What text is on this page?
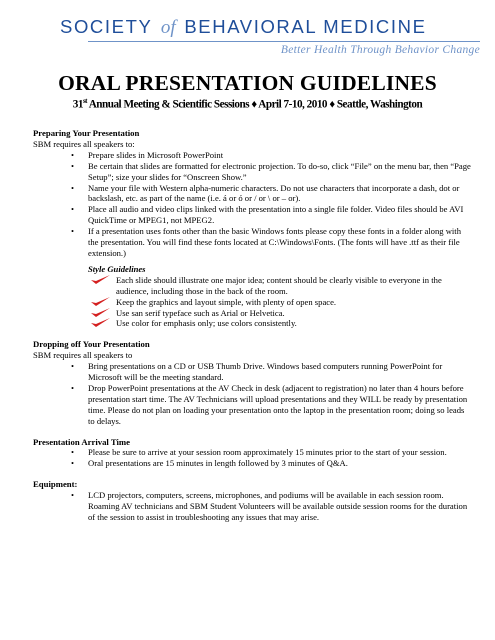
SOCIETY of BEHAVIORAL MEDICINE
Better Health Through Behavior Change
ORAL PRESENTATION GUIDELINES
31st Annual Meeting & Scientific Sessions ♦ April 7-10, 2010 ♦ Seattle, Washington
Preparing Your Presentation

SBM requires all speakers to:

• Prepare slides in Microsoft PowerPoint
• Be certain that slides are formatted for electronic projection. To do-so, click “File” on the menu bar, then “Page Setup”; size your slides for “Onscreen Show.”
• Name your file with Western alpha-numeric characters. Do not use characters that incorporate a dash, dot or backslash, etc. as part of the name (i.e. á or ó or / or \ or – or).
• Place all audio and video clips linked with the presentation into a single file folder. Video files should be AVI QuickTime or MPEG1, not MPEG2.
• If a presentation uses fonts other than the basic Windows fonts please copy these fonts in a folder along with the presentation. You will find these fonts located at C:\Windows\Fonts. (The fonts will have .ttf as their file extension.)
Style Guidelines
Each slide should illustrate one major idea; content should be clearly visible to everyone in the audience, including those in the back of the room.
Keep the graphics and layout simple, with plenty of open space.
Use san serif typeface such as Arial or Helvetica.
Use color for emphasis only; use colors consistently.
Dropping off Your Presentation

SBM requires all speakers to

• Bring presentations on a CD or USB Thumb Drive. Windows based computers running PowerPoint for Microsoft will be the meeting standard.
• Drop PowerPoint presentations at the AV Check in desk (adjacent to registration) no later than 4 hours before presentation start time. The AV Technicians will upload presentations and they WILL be ready by presentation time. Please do not plan on loading your presentation onto the laptop in the presentation room; doing so leads to delays.
Presentation Arrival Time
• Please be sure to arrive at your session room approximately 15 minutes prior to the start of your session.
• Oral presentations are 15 minutes in length followed by 3 minutes of Q&A.
Equipment:
• LCD projectors, computers, screens, microphones, and podiums will be available in each session room. Roaming AV technicians and SBM Student Volunteers will be available outside session rooms for the duration of the session to assist in troubleshooting any issues that may arise.
